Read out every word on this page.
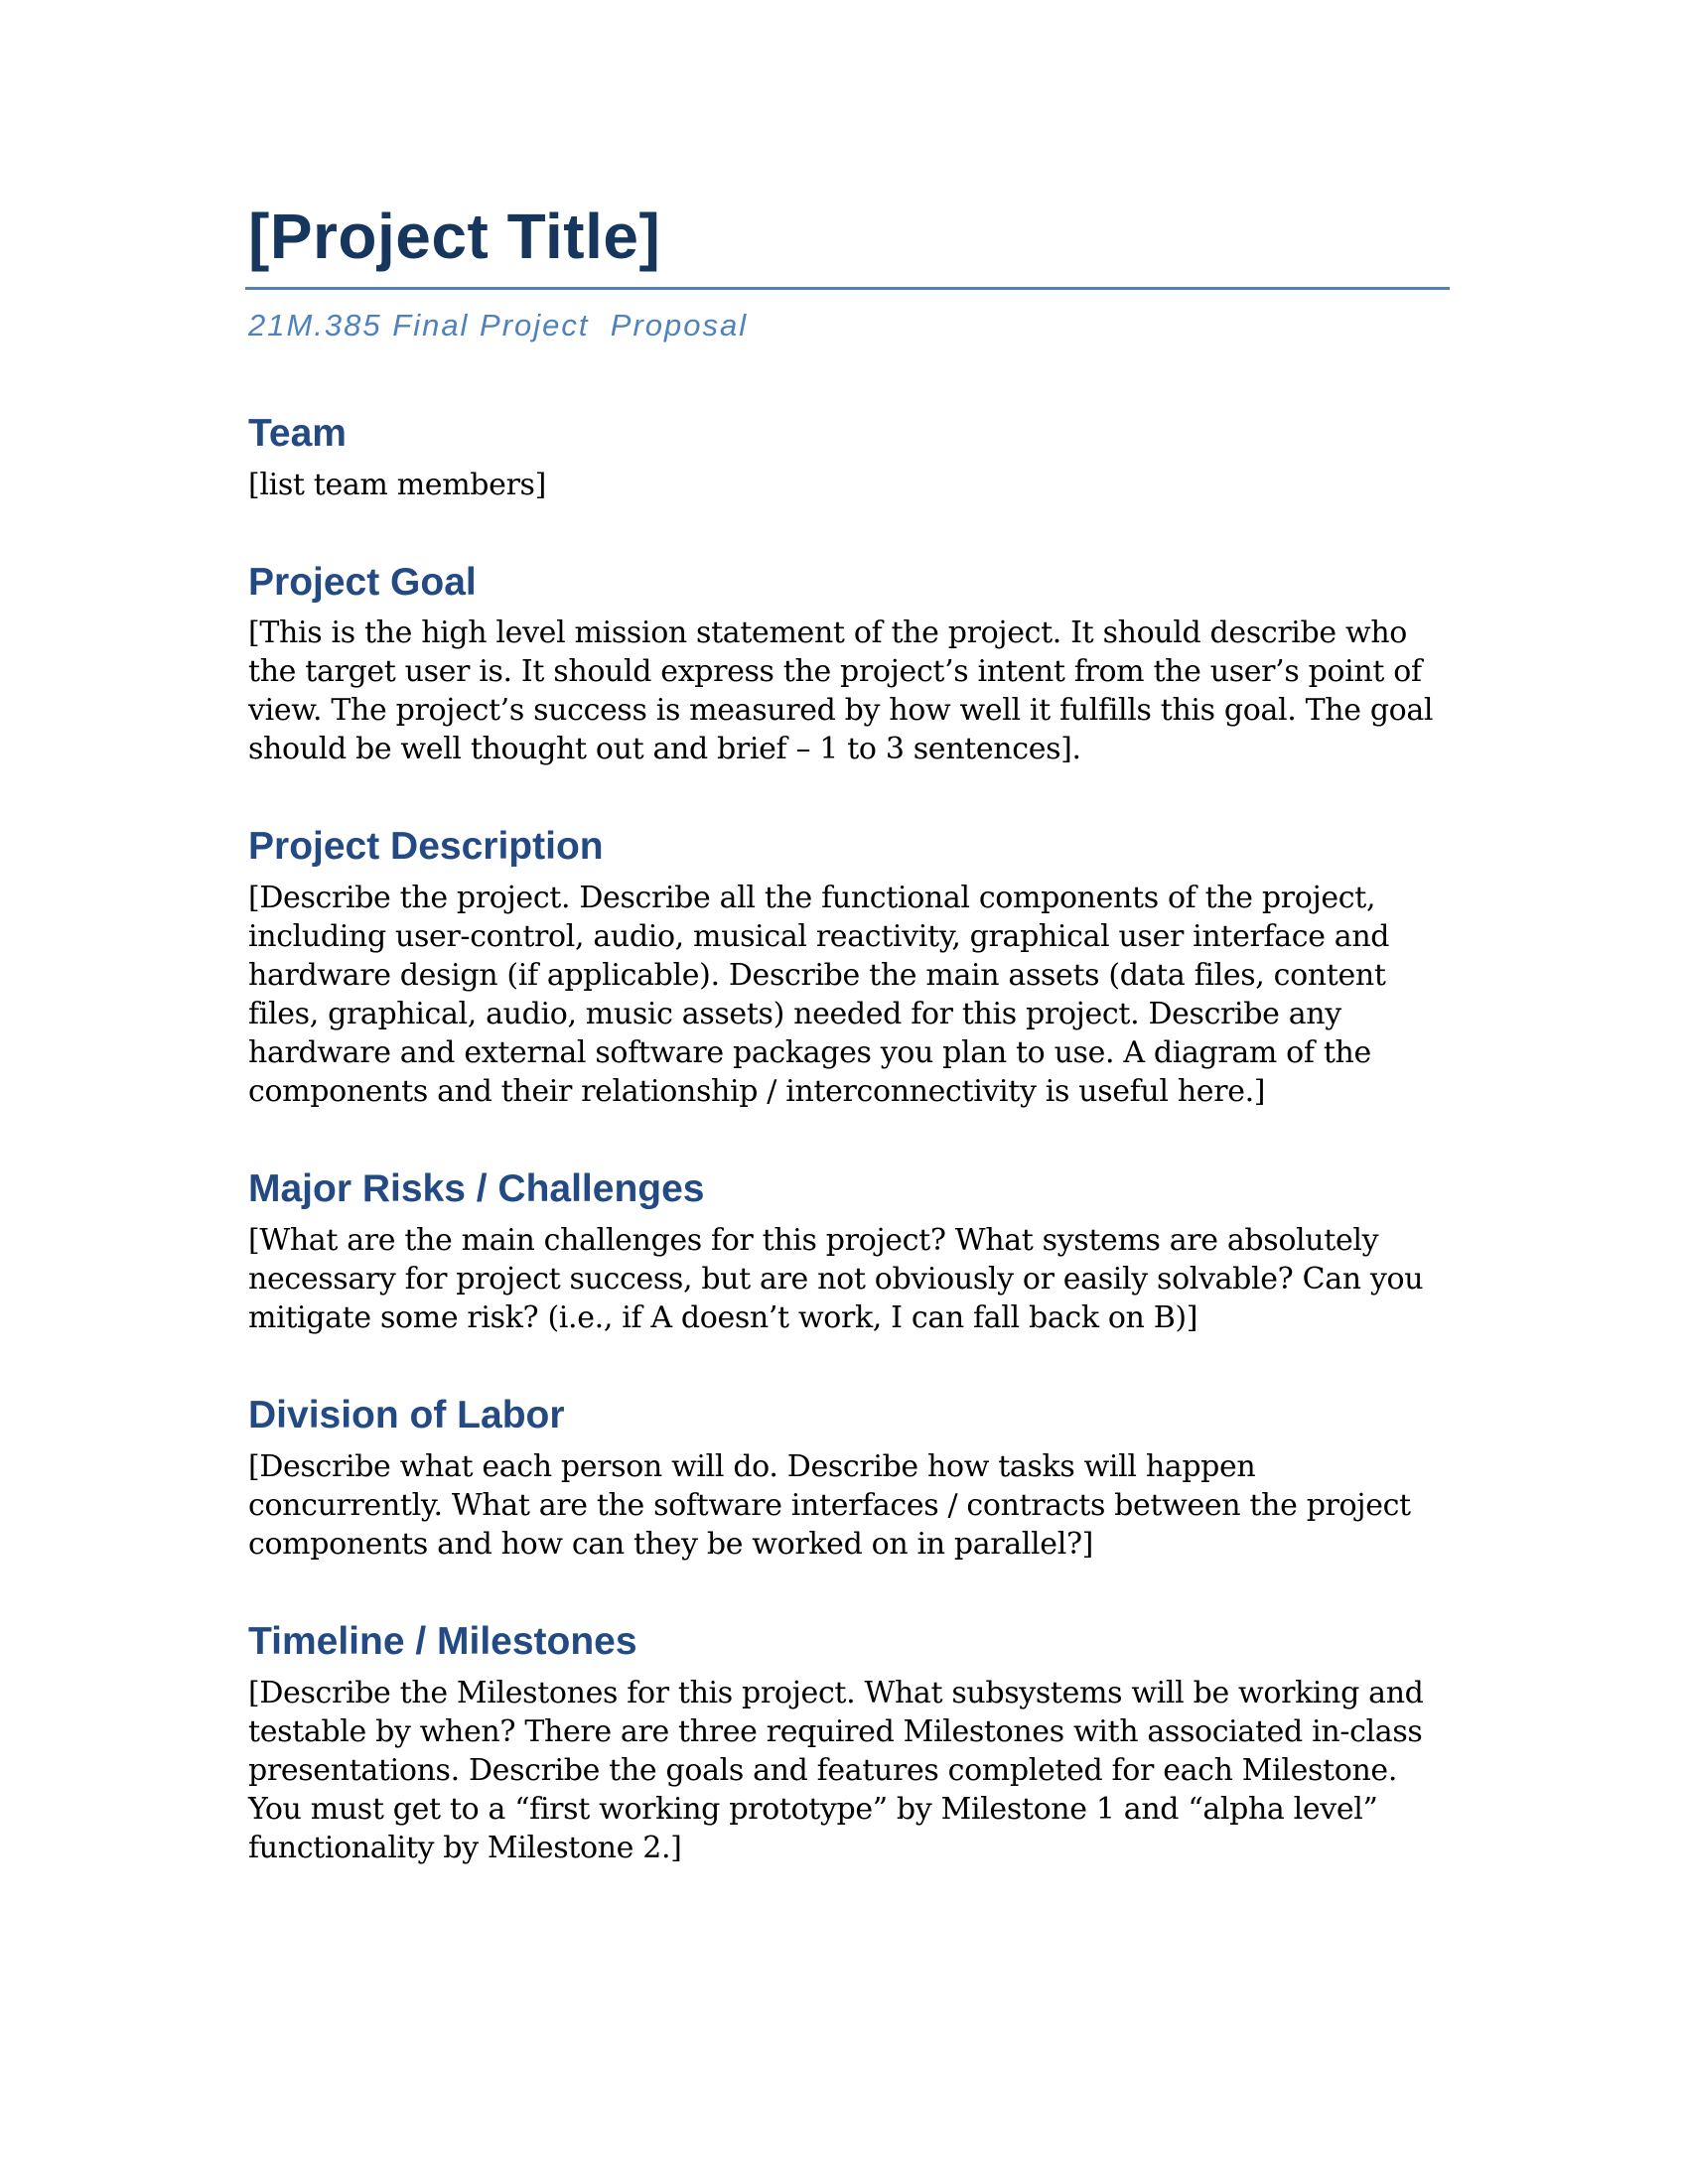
[Project Title]
21M.385 Final Project  Proposal
Team

[list team members]

Project Goal

[This is the high level mission statement of the project. It should describe who the target user is. It should express the project’s intent from the user’s point of view. The project’s success is measured by how well it fulfills this goal. The goal should be well thought out and brief – 1 to 3 sentences].

Project Description

[Describe the project. Describe all the functional components of the project, including user-control, audio, musical reactivity, graphical user interface and hardware design (if applicable). Describe the main assets (data files, content files, graphical, audio, music assets) needed for this project. Describe any hardware and external software packages you plan to use. A diagram of the components and their relationship / interconnectivity is useful here.]

Major Risks / Challenges

[What are the main challenges for this project? What systems are absolutely necessary for project success, but are not obviously or easily solvable? Can you mitigate some risk? (i.e., if A doesn’t work, I can fall back on B)]

Division of Labor

[Describe what each person will do. Describe how tasks will happen concurrently. What are the software interfaces / contracts between the project components and how can they be worked on in parallel?]

Timeline / Milestones

[Describe the Milestones for this project. What subsystems will be working and testable by when? There are three required Milestones with associated in-class presentations. Describe the goals and features completed for each Milestone. You must get to a “first working prototype” by Milestone 1 and “alpha level” functionality by Milestone 2.]
